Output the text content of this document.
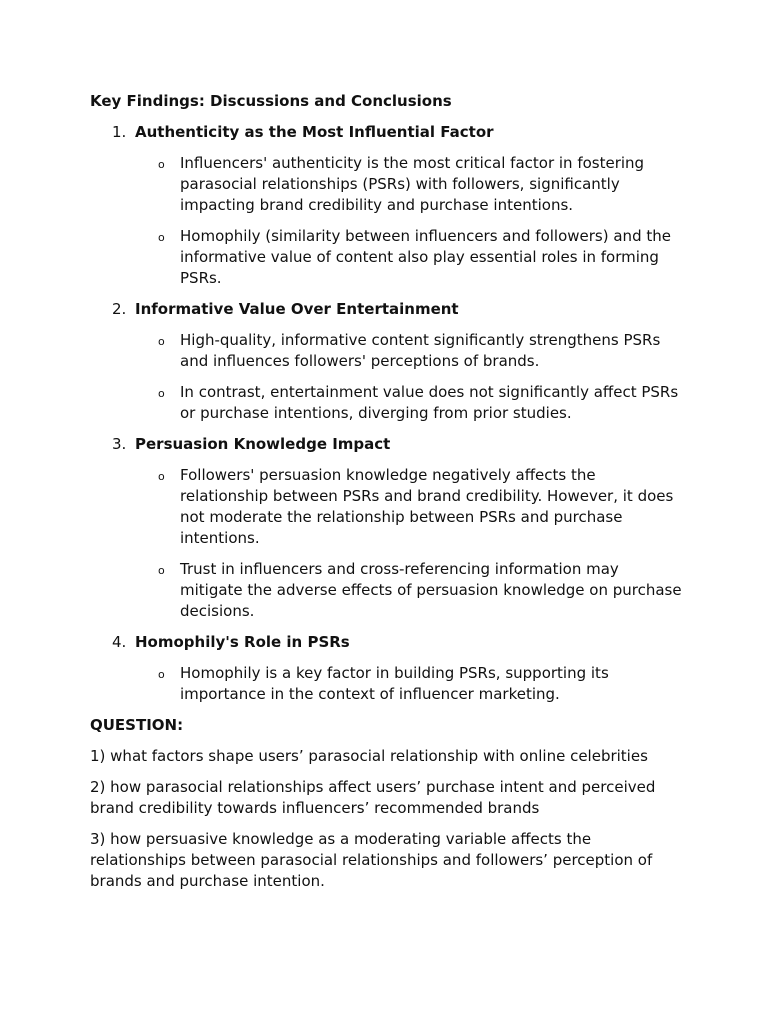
Key Findings: Discussions and Conclusions
1. Authenticity as the Most Influential Factor
o Influencers' authenticity is the most critical factor in fostering parasocial relationships (PSRs) with followers, significantly impacting brand credibility and purchase intentions.
o Homophily (similarity between influencers and followers) and the informative value of content also play essential roles in forming PSRs.
2. Informative Value Over Entertainment
o High-quality, informative content significantly strengthens PSRs and influences followers' perceptions of brands.
o In contrast, entertainment value does not significantly affect PSRs or purchase intentions, diverging from prior studies.
3. Persuasion Knowledge Impact
o Followers' persuasion knowledge negatively affects the relationship between PSRs and brand credibility. However, it does not moderate the relationship between PSRs and purchase intentions.
o Trust in influencers and cross-referencing information may mitigate the adverse effects of persuasion knowledge on purchase decisions.
4. Homophily's Role in PSRs
o Homophily is a key factor in building PSRs, supporting its importance in the context of influencer marketing.
QUESTION:
1) what factors shape users’ parasocial relationship with online celebrities
2) how parasocial relationships affect users’ purchase intent and perceived brand credibility towards influencers’ recommended brands
3) how persuasive knowledge as a moderating variable affects the relationships between parasocial relationships and followers’ perception of brands and purchase intention.
